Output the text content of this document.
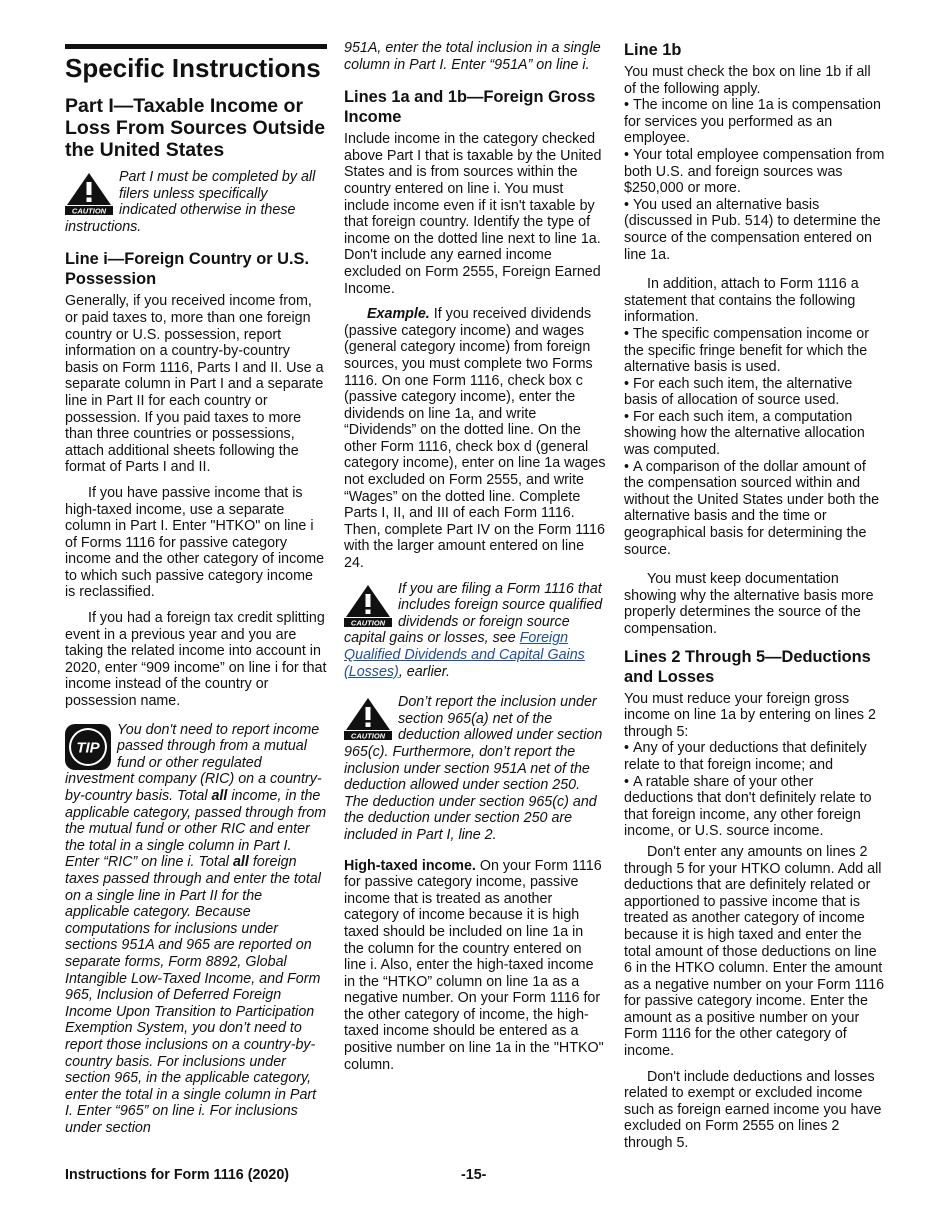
Specific Instructions
Part I—Taxable Income or Loss From Sources Outside the United States
CAUTION
Part I must be completed by all filers unless specifically indicated otherwise in these instructions.
Line i—Foreign Country or U.S. Possession

Generally, if you received income from, or paid taxes to, more than one foreign country or U.S. possession, report information on a country-by-country basis on Form 1116, Parts I and II. Use a separate column in Part I and a separate line in Part II for each country or possession. If you paid taxes to more than three countries or possessions, attach additional sheets following the format of Parts I and II.

If you have passive income that is high-taxed income, use a separate column in Part I. Enter "HTKO" on line i of Forms 1116 for passive category income and the other category of income to which such passive category income is reclassified.

If you had a foreign tax credit splitting event in a previous year and you are taking the related income into account in 2020, enter “909 income” on line i for that income instead of the country or possession name.

TIP
You don't need to report income passed through from a mutual fund or other regulated investment company (RIC) on a country-by-country basis. Total all income, in the applicable category, passed through from the mutual fund or other RIC and enter the total in a single column in Part I. Enter “RIC” on line i. Total all foreign taxes passed through and enter the total on a single line in Part II for the applicable category. Because computations for inclusions under sections 951A and 965 are reported on separate forms, Form 8892, Global Intangible Low-Taxed Income, and Form 965, Inclusion of Deferred Foreign Income Upon Transition to Participation Exemption System, you don’t need to report those inclusions on a country-by-country basis. For inclusions under section 965, in the applicable category, enter the total in a single column in Part I. Enter “965” on line i. For inclusions under section

951A, enter the total inclusion in a single column in Part I. Enter “951A” on line i.

Lines 1a and 1b—Foreign Gross Income

Include income in the category checked above Part I that is taxable by the United States and is from sources within the country entered on line i. You must include income even if it isn't taxable by that foreign country. Identify the type of income on the dotted line next to line 1a. Don't include any earned income excluded on Form 2555, Foreign Earned Income.

Example. If you received dividends (passive category income) and wages (general category income) from foreign sources, you must complete two Forms 1116. On one Form 1116, check box c (passive category income), enter the dividends on line 1a, and write “Dividends” on the dotted line. On the other Form 1116, check box d (general category income), enter on line 1a wages not excluded on Form 2555, and write “Wages” on the dotted line. Complete Parts I, II, and III of each Form 1116. Then, complete Part IV on the Form 1116 with the larger amount entered on line 24.

CAUTION
If you are filing a Form 1116 that includes foreign source qualified dividends or foreign source capital gains or losses, see Foreign Qualified Dividends and Capital Gains (Losses), earlier.
CAUTION
Don’t report the inclusion under section 965(a) net of the deduction allowed under section 965(c). Furthermore, don’t report the inclusion under section 951A net of the deduction allowed under section 250. The deduction under section 965(c) and the deduction under section 250 are included in Part I, line 2.

High-taxed income. On your Form 1116 for passive category income, passive income that is treated as another category of income because it is high taxed should be included on line 1a in the column for the country entered on line i. Also, enter the high-taxed income in the “HTKO” column on line 1a as a negative number. On your Form 1116 for the other category of income, the high-taxed income should be entered as a positive number on line 1a in the "HTKO" column.

Line 1b

You must check the box on line 1b if all of the following apply.

• The income on line 1a is compensation for services you performed as an employee.

• Your total employee compensation from both U.S. and foreign sources was $250,000 or more.

• You used an alternative basis (discussed in Pub. 514) to determine the source of the compensation entered on line 1a.

In addition, attach to Form 1116 a statement that contains the following information.

• The specific compensation income or the specific fringe benefit for which the alternative basis is used.

• For each such item, the alternative basis of allocation of source used.

• For each such item, a computation showing how the alternative allocation was computed.

• A comparison of the dollar amount of the compensation sourced within and without the United States under both the alternative basis and the time or geographical basis for determining the source.

You must keep documentation showing why the alternative basis more properly determines the source of the compensation.

Lines 2 Through 5—Deductions and Losses

You must reduce your foreign gross income on line 1a by entering on lines 2 through 5:

• Any of your deductions that definitely relate to that foreign income; and

• A ratable share of your other deductions that don't definitely relate to that foreign income, any other foreign income, or U.S. source income.

Don't enter any amounts on lines 2 through 5 for your HTKO column. Add all deductions that are definitely related or apportioned to passive income that is treated as another category of income because it is high taxed and enter the total amount of those deductions on line 6 in the HTKO column. Enter the amount as a negative number on your Form 1116 for passive category income. Enter the amount as a positive number on your Form 1116 for the other category of income.

Don't include deductions and losses related to exempt or excluded income such as foreign earned income you have excluded on Form 2555 on lines 2 through 5.

Instructions for Form 1116 (2020)	-15-
